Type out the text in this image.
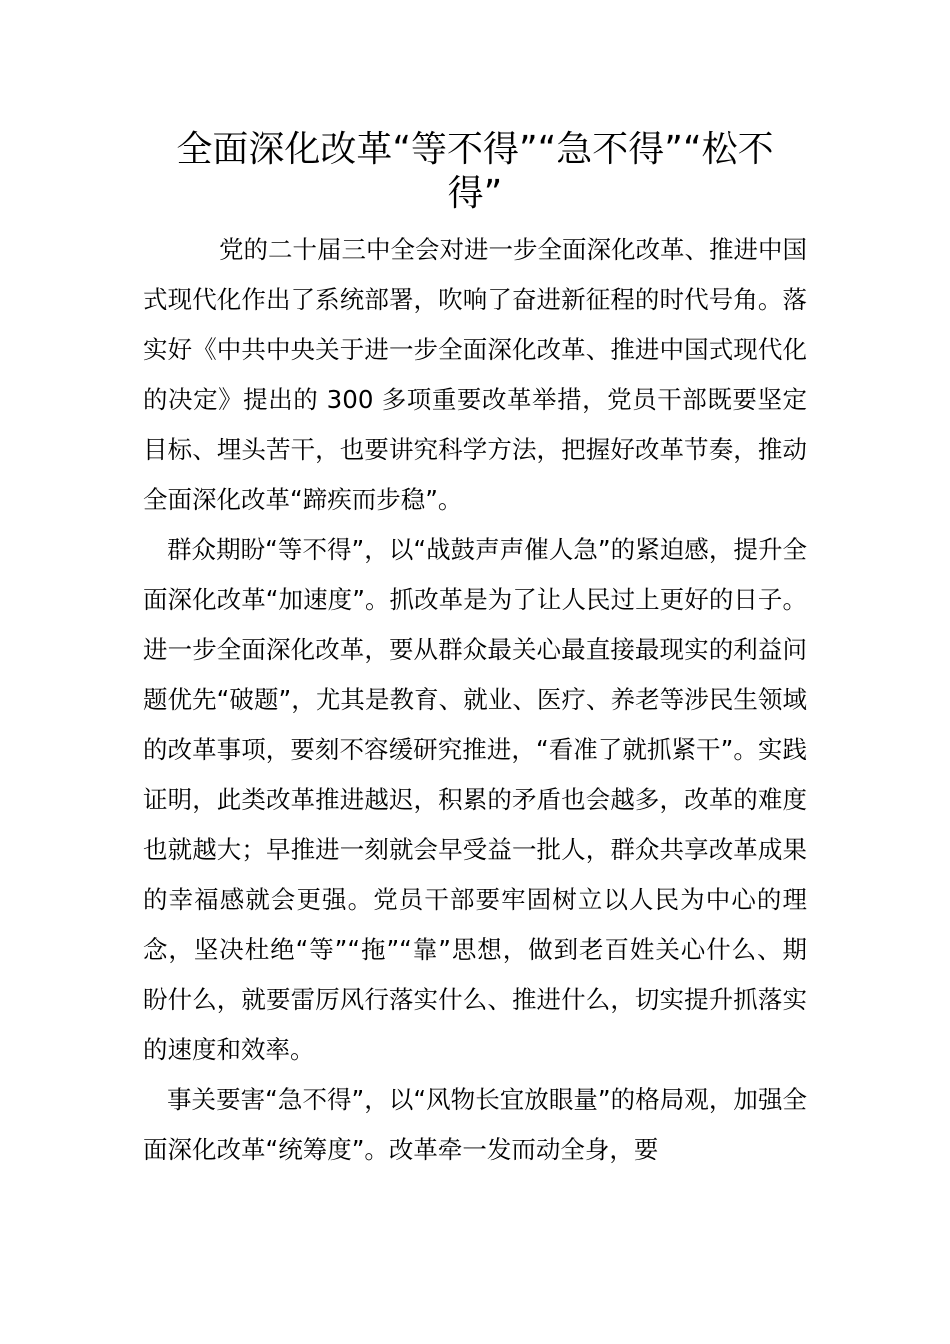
全面深化改革“等不得”“急不得”“松不得”

党的二十届三中全会对进一步全面深化改革、推进中国式现代化作出了系统部署，吹响了奋进新征程的时代号角。落实好《中共中央关于进一步全面深化改革、推进中国式现代化的决定》提出的 300 多项重要改革举措，党员干部既要坚定目标、埋头苦干，也要讲究科学方法，把握好改革节奏，推动全面深化改革“蹄疾而步稳”。

群众期盼“等不得”，以“战鼓声声催人急”的紧迫感，提升全面深化改革“加速度”。抓改革是为了让人民过上更好的日子。进一步全面深化改革，要从群众最关心最直接最现实的利益问题优先“破题”，尤其是教育、就业、医疗、养老等涉民生领域的改革事项，要刻不容缓研究推进，“看准了就抓紧干”。实践证明，此类改革推进越迟，积累的矛盾也会越多，改革的难度也就越大；早推进一刻就会早受益一批人，群众共享改革成果的幸福感就会更强。党员干部要牢固树立以人民为中心的理念，坚决杜绝“等”“拖”“靠”思想，做到老百姓关心什么、期盼什么，就要雷厉风行落实什么、推进什么，切实提升抓落实的速度和效率。

事关要害“急不得”，以“风物长宜放眼量”的格局观，加强全面深化改革“统筹度”。改革牵一发而动全身，要
